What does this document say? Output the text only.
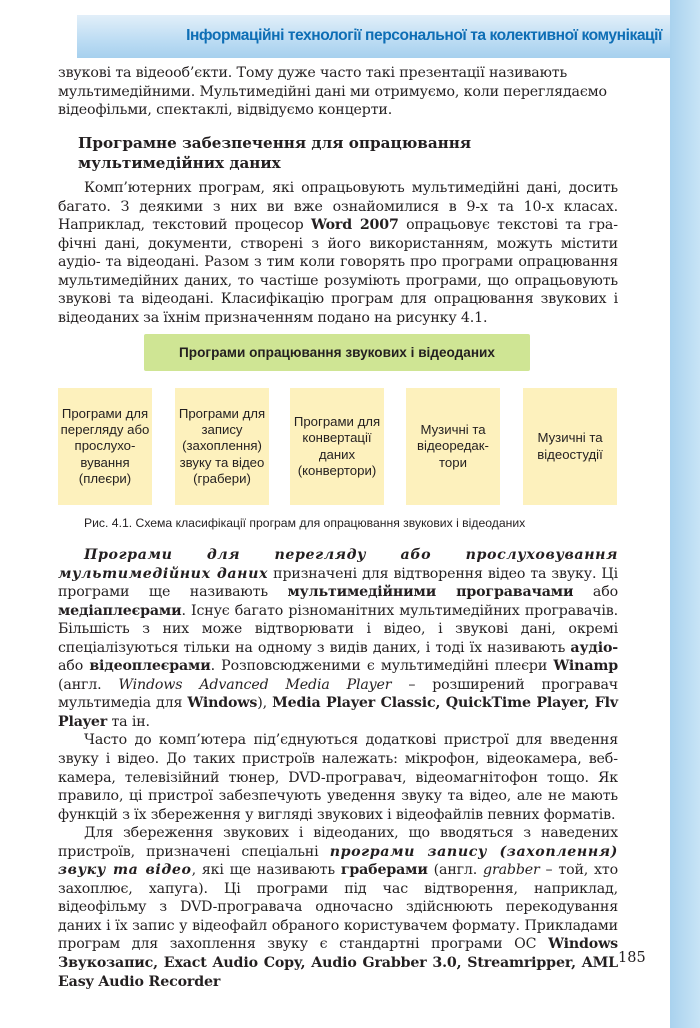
Інформаційні технології персональної та колективної комунікації

звукові та відеооб’єкти. Тому дуже часто такі презентації називають

мультимедійними. Мультимедійні дані ми отримуємо, коли переглядаємо

відеофільми, спектаклі, відвідуємо концерти.

Програмне забезпечення для опрацювання
мультимедійних даних

Комп’ютерних програм, які опрацьовують мультимедійні дані, досить багато. З деякими з них ви вже ознайомилися в 9-х та 10-х класах. Наприклад, текстовий процесор Word 2007 опрацьовує текстові та графічні дані, документи, створені з його використанням, можуть містити аудіо- та відеодані. Разом з тим коли говорять про програми опрацювання мультимедійних даних, то частіше розуміють програми, що опрацьовують звукові та відеодані. Класифікацію програм для опрацювання звукових і відеоданих за їхнім призначенням подано на рисунку 4.1.

Програми опрацювання звукових і відеоданих
Програми для перегляду або прослуховування (плеєри)
Програми для запису (захоплення) звуку та відео (грабери)
Програми для конвертації даних (конвертори)
Музичні та відеоредактори
Музичні та відеостудії
Рис. 4.1. Схема класифікації програм для опрацювання звукових і відеоданих

Програми для перегляду або прослуховування мультимедійних даних призначені для відтворення відео та звуку. Ці програми ще називають мультимедійними програвачами або медіаплеєрами. Існує багато різноманітних мультимедійних програвачів. Більшість з них може відтворювати і відео, і звукові дані, окремі спеціалізуються тільки на одному з видів даних, і тоді їх називають аудіо- або відеоплеєрами. Розповсюдженими є мультимедійні плеєри Winamp (англ. Windows Advanced Media Player – розширений програвач мультимедіа для Windows), Media Player Classic, QuickTime Player, Flv Player та ін.

Часто до комп’ютера під’єднуються додаткові пристрої для введення звуку і відео. До таких пристроїв належать: мікрофон, відеокамера, вебкамера, телевізійний тюнер, DVD-програвач, відеомагнітофон тощо. Як правило, ці пристрої забезпечують уведення звуку та відео, але не мають функцій з їх збереження у вигляді звукових і відеофайлів певних форматів.

Для збереження звукових і відеоданих, що вводяться з наведених пристроїв, призначені спеціальні програми запису (захоплення) звуку та відео, які ще називають граберами (англ. grabber – той, хто захоплює, хапуга). Ці програми під час відтворення, наприклад, відеофільму з DVD-програвача одночасно здійснюють перекодування даних і їх запис у відеофайл обраного користувачем формату. Прикладами програм для захоплення звуку є стандартні програми ОС Windows Звукозапис, Exact Audio Copy, Audio Grabber 3.0, Streamripper, AML Easy Audio Recorder

185
